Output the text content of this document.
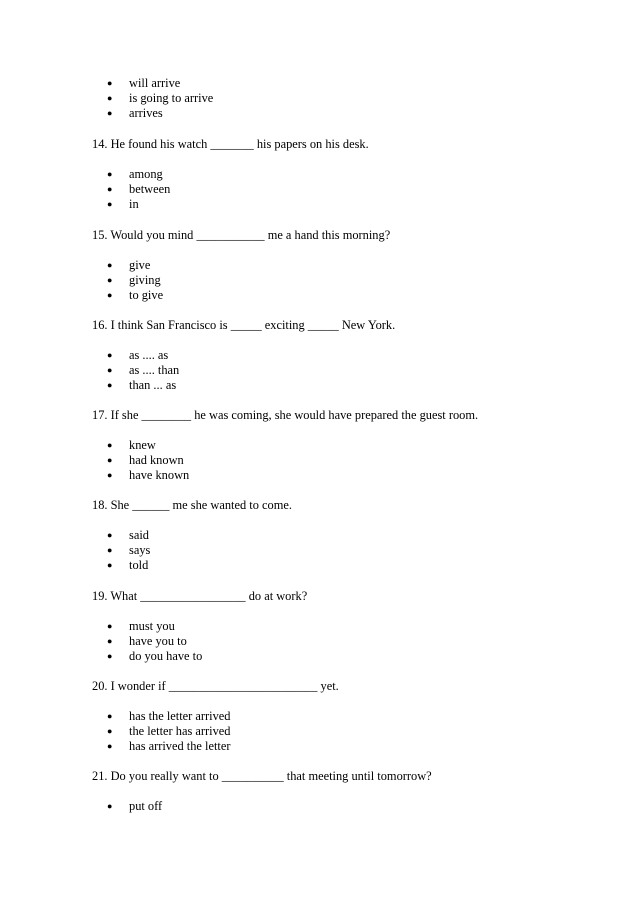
● will arrive
● is going to arrive
● arrives
14. He found his watch _______ his papers on his desk.
● among
● between
● in
15. Would you mind ___________ me a hand this morning?
● give
● giving
● to give
16. I think San Francisco is _____ exciting _____ New York.
● as .... as
● as .... than
● than ... as
17. If she ________ he was coming, she would have prepared the guest room.
● knew
● had known
● have known
18. She ______ me she wanted to come.
● said
● says
● told
19. What _________________ do at work?
● must you
● have you to
● do you have to
20. I wonder if ________________________ yet.
● has the letter arrived
● the letter has arrived
● has arrived the letter
21. Do you really want to __________ that meeting until tomorrow?
● put off
